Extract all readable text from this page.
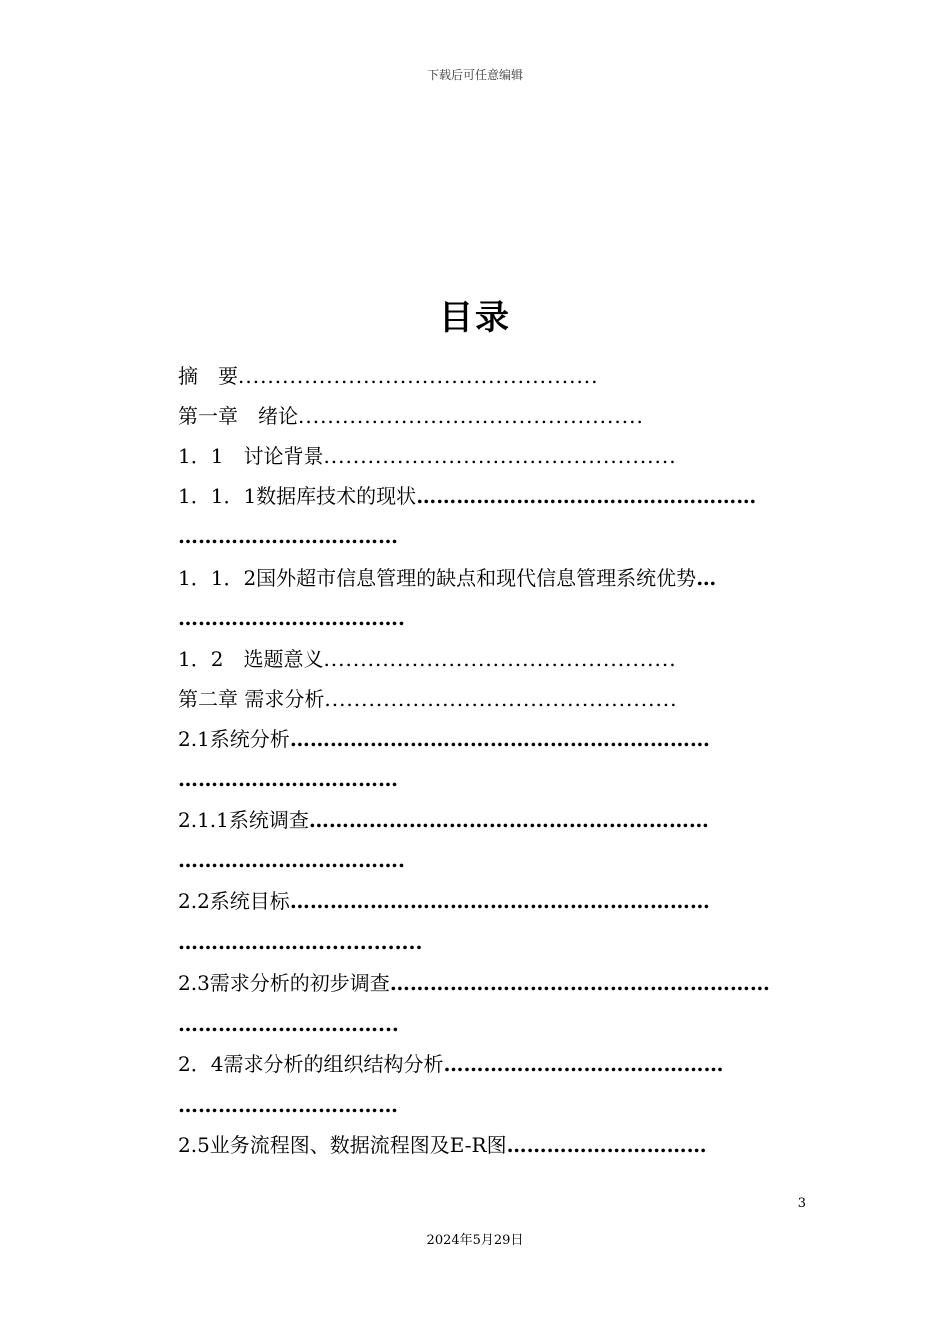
下载后可任意编辑
目录
摘　要.................................................
第一章　绪论...............................................
1．1　讨论背景................................................
1．1．1数据库技术的现状……………………………………………
……………………………
1．1．2国外超市信息管理的缺点和现代信息管理系统优势…
…………………………….
1．2　选题意义................................................
第二章 需求分析................................................
2.1系统分析………………………………………………………
……………………………
2.1.1系统调查……………………………………………………
…………………………….
2.2系统目标………………………………………………………
…………………...............
2.3需求分析的初步调查…………………………………………………
…………………………...
2．4需求分析的组织结构分析……………………………………
……………………………
2.5业务流程图、数据流程图及E-R图…………………………
3
2024年5月29日
